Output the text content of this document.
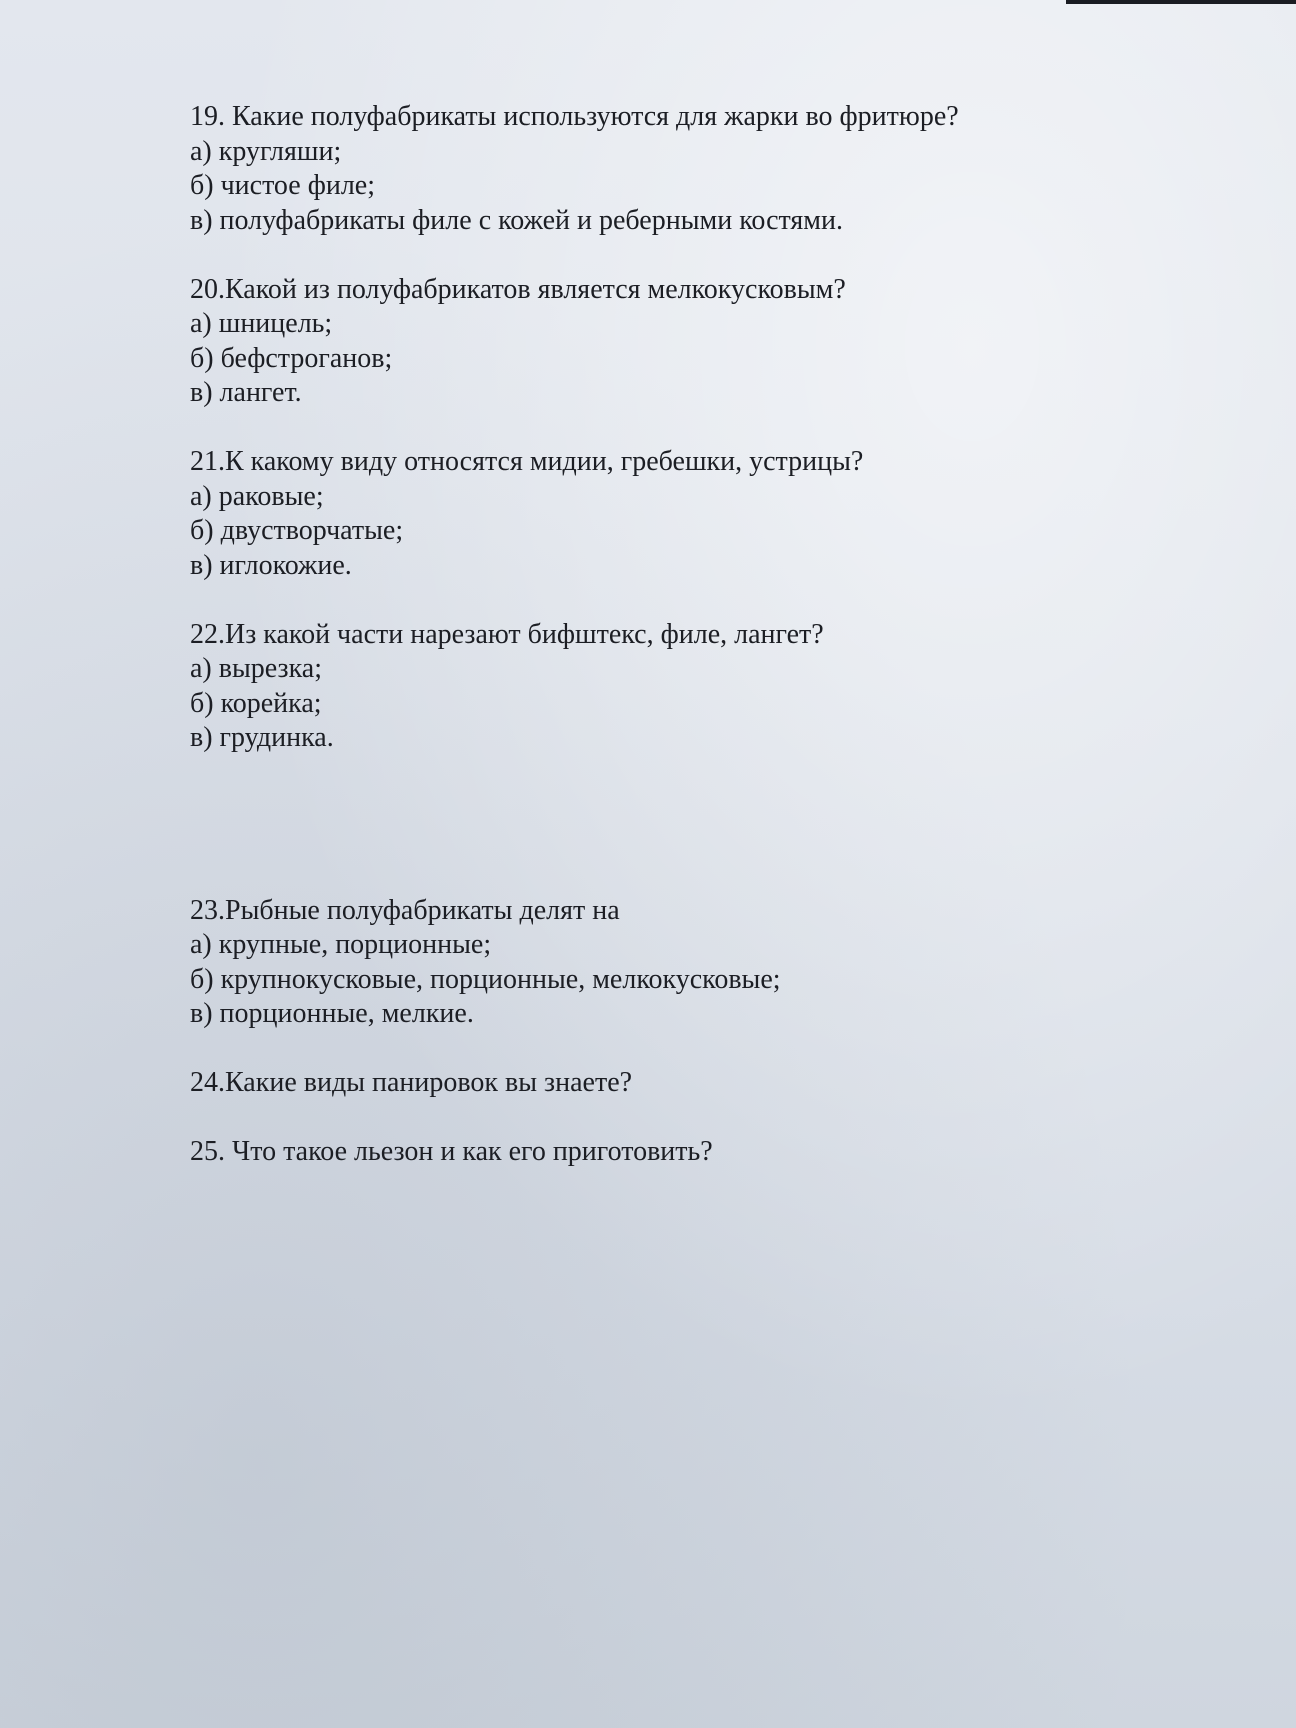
19. Какие полуфабрикаты используются для жарки во фритюре?
а) кругляши;
б) чистое филе;
в) полуфабрикаты филе с кожей и реберными костями.
20.Какой из полуфабрикатов является мелкокусковым?
а) шницель;
б) бефстроганов;
в) лангет.
21.К какому виду относятся мидии, гребешки, устрицы?
а) раковые;
б) двустворчатые;
в) иглокожие.
22.Из какой части нарезают бифштекс, филе, лангет?
а) вырезка;
б) корейка;
в) грудинка.
23.Рыбные полуфабрикаты делят на
а) крупные, порционные;
б) крупнокусковые, порционные, мелкокусковые;
в) порционные, мелкие.
24.Какие виды панировок вы знаете?
25. Что такое льезон и как его приготовить?
